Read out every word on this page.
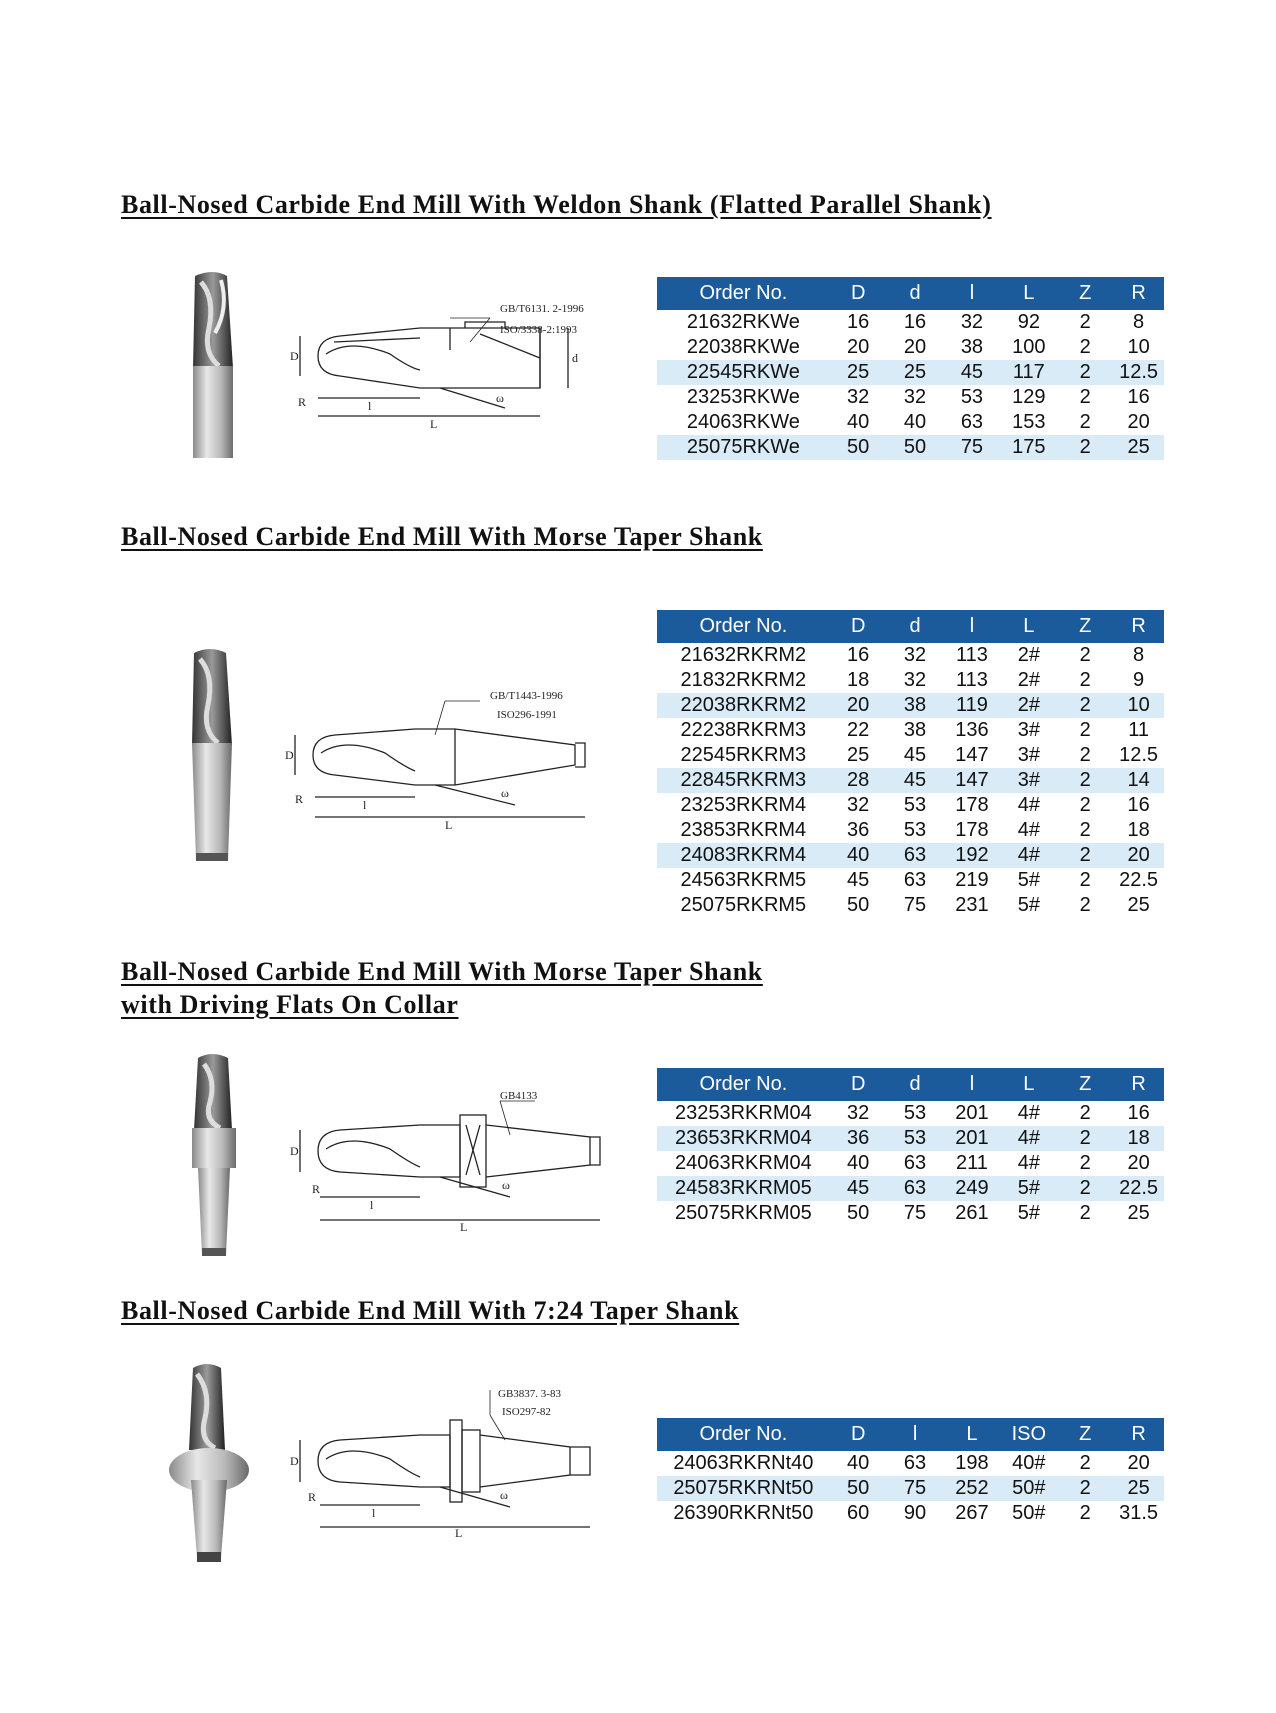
Ball-Nosed Carbide End Mill With Weldon Shank (Flatted Parallel Shank)
D	d
R	l
L
ω
GB/T6131. 2-1996
ISO/3338-2:1993
Order No.	D	d	l	L	Z	R
21632RKWe	16	16	32	92	2	8
22038RKWe	20	20	38	100	2	10
22545RKWe	25	25	45	117	2	12.5
23253RKWe	32	32	53	129	2	16
24063RKWe	40	40	63	153	2	20
25075RKWe	50	50	75	175	2	25
Ball-Nosed Carbide End Mill With Morse Taper Shank
D
R	l
L
ω
GB/T1443-1996
ISO296-1991
Order No.	D	d	l	L	Z	R
21632RKRM2	16	32	113	2#	2	8
21832RKRM2	18	32	113	2#	2	9
22038RKRM2	20	38	119	2#	2	10
22238RKRM3	22	38	136	3#	2	11
22545RKRM3	25	45	147	3#	2	12.5
22845RKRM3	28	45	147	3#	2	14
23253RKRM4	32	53	178	4#	2	16
23853RKRM4	36	53	178	4#	2	18
24083RKRM4	40	63	192	4#	2	20
24563RKRM5	45	63	219	5#	2	22.5
25075RKRM5	50	75	231	5#	2	25
Ball-Nosed Carbide End Mill With Morse Taper Shank
with Driving Flats On Collar
D
R
l
L
ω
GB4133
Order No.	D	d	l	L	Z	R
23253RKRM04	32	53	201	4#	2	16
23653RKRM04	36	53	201	4#	2	18
24063RKRM04	40	63	211	4#	2	20
24583RKRM05	45	63	249	5#	2	22.5
25075RKRM05	50	75	261	5#	2	25
Ball-Nosed Carbide End Mill With 7:24 Taper Shank
D
R
l
L
ω
GB3837. 3-83
ISO297-82
Order No.	D	l	L	ISO	Z	R
24063RKRNt40	40	63	198	40#	2	20
25075RKRNt50	50	75	252	50#	2	25
26390RKRNt50	60	90	267	50#	2	31.5
